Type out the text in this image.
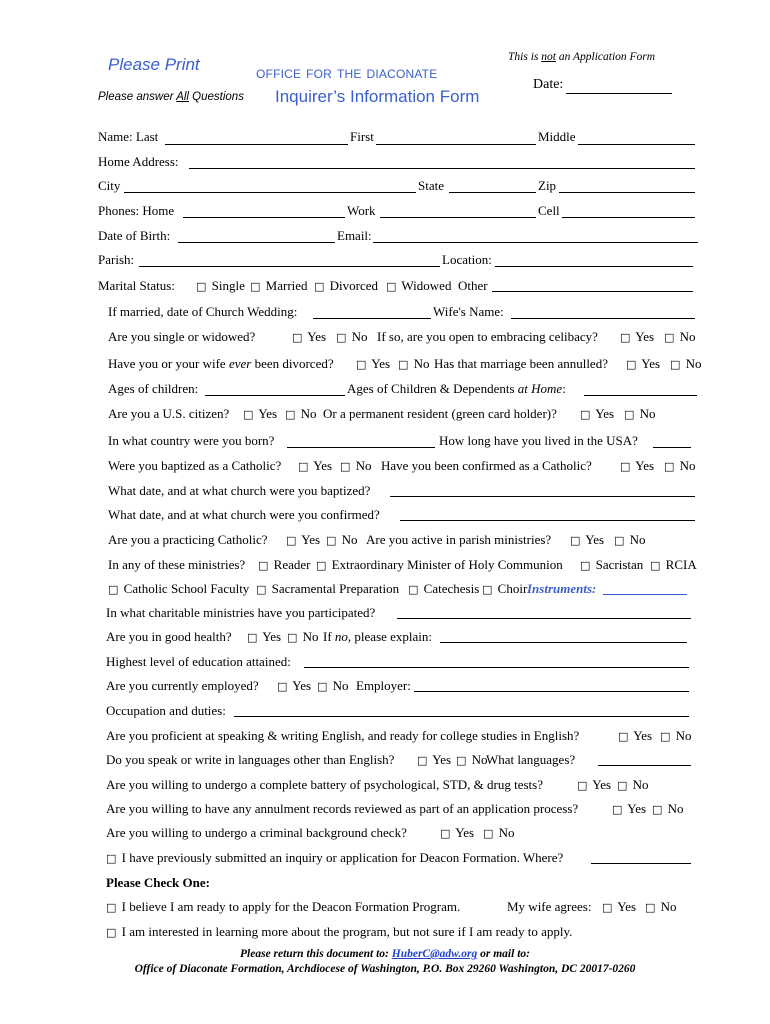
Please Print
Please answer All Questions
office for the diaconate
Inquirer’s Information Form
This is not an Application Form
Date:
Name: Last	First	Middle
Home Address:
City	State	Zip
Phones: Home	Work	Cell
Date of Birth:	Email:
Parish:	Location:
Marital Status: □ Single □ Married □ Divorced □ Widowed Other
If married, date of Church Wedding:	Wife's Name:
Are you single or widowed?	□ Yes □ No If so, are you open to embracing celibacy? □ Yes □ No
Have you or your wife ever been divorced? □ Yes □ No Has that marriage been annulled? □ Yes □ No
Ages of children:	Ages of Children & Dependents at Home:
Are you a U.S. citizen? □ Yes □ No Or a permanent resident (green card holder)? □ Yes □ No
In what country were you born?	How long have you lived in the USA?
Were you baptized as a Catholic? □ Yes □ No Have you been confirmed as a Catholic?	□ Yes □ No
What date, and at what church were you baptized?
What date, and at what church were you confirmed?
Are you a practicing Catholic? □ Yes □ No Are you active in parish ministries? □ Yes □ No
In any of these ministries? □ Reader □ Extraordinary Minister of Holy Communion □ Sacristan □ RCIA
□ Catholic School Faculty □ Sacramental Preparation □ Catechesis □ Choir Instruments:
In what charitable ministries have you participated?
Are you in good health? □ Yes □ No If no, please explain:
Highest level of education attained:
Are you currently employed? □ Yes □ No Employer:
Occupation and duties:
Are you proficient at speaking & writing English, and ready for college studies in English?	□ Yes □ No
Do you speak or write in languages other than English? □ Yes □ No
What languages?
Are you willing to undergo a complete battery of psychological, STD, & drug tests?	□ Yes □ No
Are you willing to have any annulment records reviewed as part of an application process?	□ Yes □ No
Are you willing to undergo a criminal background check?	□ Yes □ No
□ I have previously submitted an inquiry or application for Deacon Formation. Where?
Please Check One:
□ I believe I am ready to apply for the Deacon Formation Program.	My wife agrees: □ Yes □ No
□ I am interested in learning more about the program, but not sure if I am ready to apply.
Please return this document to: HuberC@adw.org or mail to:
Office of Diaconate Formation, Archdiocese of Washington, P.O. Box 29260 Washington, DC 20017-0260
